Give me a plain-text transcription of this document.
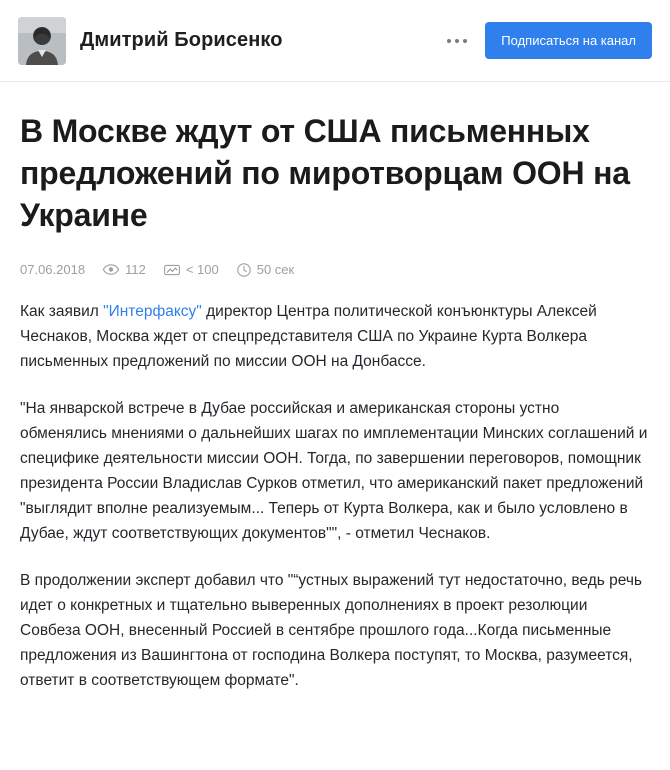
Дмитрий Борисенко	Подписаться на канал
В Москве ждут от США письменных предложений по миротворцам ООН на Украине
07.06.2018	112	< 100	50 сек

Как заявил "Интерфаксу" директор Центра политической конъюнктуры Алексей Чеснаков, Москва ждет от спецпредставителя США по Украине Курта Волкера письменных предложений по миссии ООН на Донбассе.

"На январской встрече в Дубае российская и американская стороны устно обменялись мнениями о дальнейших шагах по имплементации Минских соглашений и специфике деятельности миссии ООН. Тогда, по завершении переговоров, помощник президента России Владислав Сурков отметил, что американский пакет предложений "выглядит вполне реализуемым... Теперь от Курта Волкера, как и было условлено в Дубае, ждут соответствующих документов"", - отметил Чеснаков.

В продолжении эксперт добавил что "“устных выражений тут недостаточно, ведь речь идет о конкретных и тщательно выверенных дополнениях в проект резолюции Совбеза ООН, внесенный Россией в сентябре прошлого года...Когда письменные предложения из Вашингтона от господина Волкера поступят, то Москва, разумеется, ответит в соответствующем формате".
